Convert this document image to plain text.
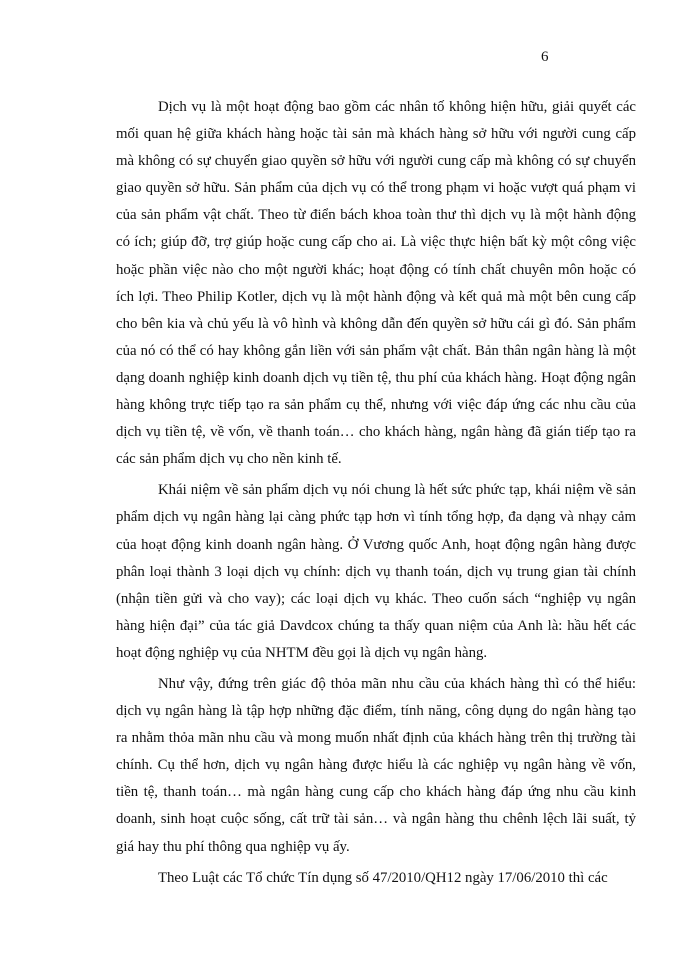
6

Dịch vụ là một hoạt động bao gồm các nhân tố không hiện hữu, giải quyết các mối quan hệ giữa khách hàng hoặc tài sản mà khách hàng sở hữu với người cung cấp mà không có sự chuyển giao quyền sở hữu với người cung cấp mà không có sự chuyển giao quyền sở hữu. Sản phẩm của dịch vụ có thể trong phạm vi hoặc vượt quá phạm vi của sản phẩm vật chất. Theo từ điển bách khoa toàn thư thì dịch vụ là một hành động có ích; giúp đỡ, trợ giúp hoặc cung cấp cho ai. Là việc thực hiện bất kỳ một công việc hoặc phần việc nào cho một người khác; hoạt động có tính chất chuyên môn hoặc có ích lợi. Theo Philip Kotler, dịch vụ là một hành động và kết quả mà một bên cung cấp cho bên kia và chủ yếu là vô hình và không dẫn đến quyền sở hữu cái gì đó. Sản phẩm của nó có thể có hay không gắn liền với sản phẩm vật chất. Bản thân ngân hàng là một dạng doanh nghiệp kinh doanh dịch vụ tiền tệ, thu phí của khách hàng. Hoạt động ngân hàng không trực tiếp tạo ra sản phẩm cụ thể, nhưng với việc đáp ứng các nhu cầu của dịch vụ tiền tệ, về vốn, về thanh toán… cho khách hàng, ngân hàng đã gián tiếp tạo ra các sản phẩm dịch vụ cho nền kinh tế.

Khái niệm về sản phẩm dịch vụ nói chung là hết sức phức tạp, khái niệm về sản phẩm dịch vụ ngân hàng lại càng phức tạp hơn vì tính tổng hợp, đa dạng và nhạy cảm của hoạt động kinh doanh ngân hàng. Ở Vương quốc Anh, hoạt động ngân hàng được phân loại thành 3 loại dịch vụ chính: dịch vụ thanh toán, dịch vụ trung gian tài chính (nhận tiền gửi và cho vay); các loại dịch vụ khác. Theo cuốn sách “nghiệp vụ ngân hàng hiện đại” của tác giả Davdcox chúng ta thấy quan niệm của Anh là: hầu hết các hoạt động nghiệp vụ của NHTM đều gọi là dịch vụ ngân hàng.

Như vậy, đứng trên giác độ thỏa mãn nhu cầu của khách hàng thì có thể hiểu: dịch vụ ngân hàng là tập hợp những đặc điểm, tính năng, công dụng do ngân hàng tạo ra nhằm thỏa mãn nhu cầu và mong muốn nhất định của khách hàng trên thị trường tài chính. Cụ thể hơn, dịch vụ ngân hàng được hiểu là các nghiệp vụ ngân hàng về vốn, tiền tệ, thanh toán… mà ngân hàng cung cấp cho khách hàng đáp ứng nhu cầu kinh doanh, sinh hoạt cuộc sống, cất trữ tài sản… và ngân hàng thu chênh lệch lãi suất, tỷ giá hay thu phí thông qua nghiệp vụ ấy.

Theo Luật các Tổ chức Tín dụng số 47/2010/QH12 ngày 17/06/2010 thì các
